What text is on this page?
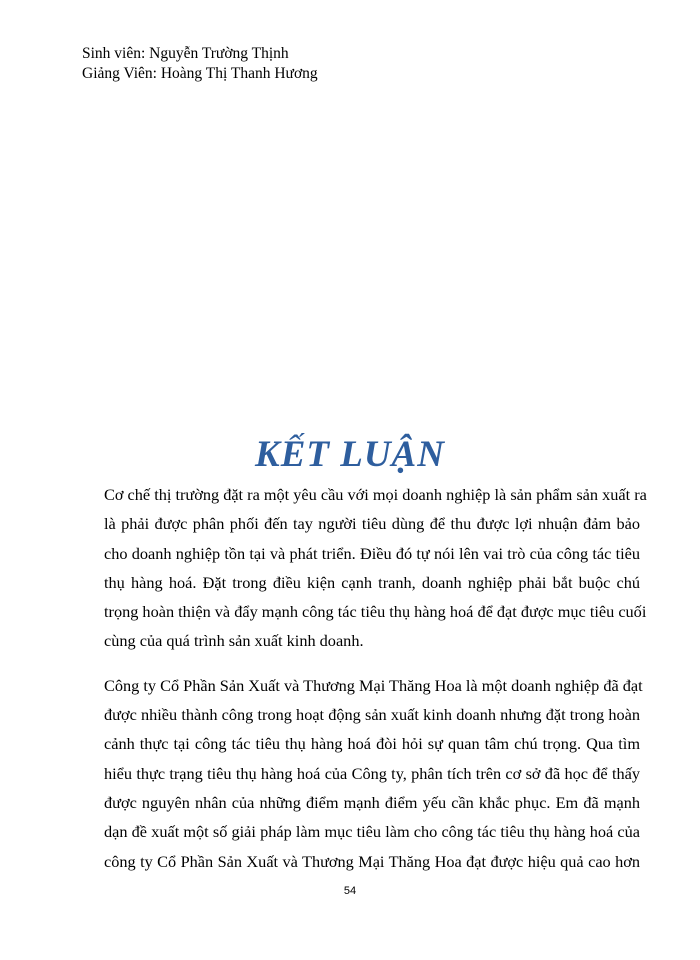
Sinh viên: Nguyễn Trường Thịnh
Giảng Viên: Hoàng Thị Thanh Hương
KẾT LUẬN

Cơ chế thị trường đặt ra một yêu cầu với mọi doanh nghiệp là sản phẩm sản xuất ra
là phải được phân phối đến tay người tiêu dùng để thu được lợi nhuận đảm bảo
cho doanh nghiệp tồn tại và phát triển. Điều đó tự nói lên vai trò của công tác tiêu
thụ hàng hoá. Đặt trong điều kiện cạnh tranh, doanh nghiệp phải bắt buộc chú
trọng hoàn thiện và đẩy mạnh công tác tiêu thụ hàng hoá để đạt được mục tiêu cuối
cùng của quá trình sản xuất kinh doanh.

Công ty Cổ Phần Sản Xuất và Thương Mại Thăng Hoa là một doanh nghiệp đã đạt
được nhiều thành công trong hoạt động sản xuất kinh doanh nhưng đặt trong hoàn
cảnh thực tại công tác tiêu thụ hàng hoá đòi hỏi sự quan tâm chú trọng. Qua tìm
hiểu thực trạng tiêu thụ hàng hoá của Công ty, phân tích trên cơ sở đã học để thấy
được nguyên nhân của những điểm mạnh điểm yếu cần khắc phục. Em đã mạnh
dạn đề xuất một số giải pháp làm mục tiêu làm cho công tác tiêu thụ hàng hoá của
công ty Cổ Phần Sản Xuất và Thương Mại Thăng Hoa đạt được hiệu quả cao hơn

54
